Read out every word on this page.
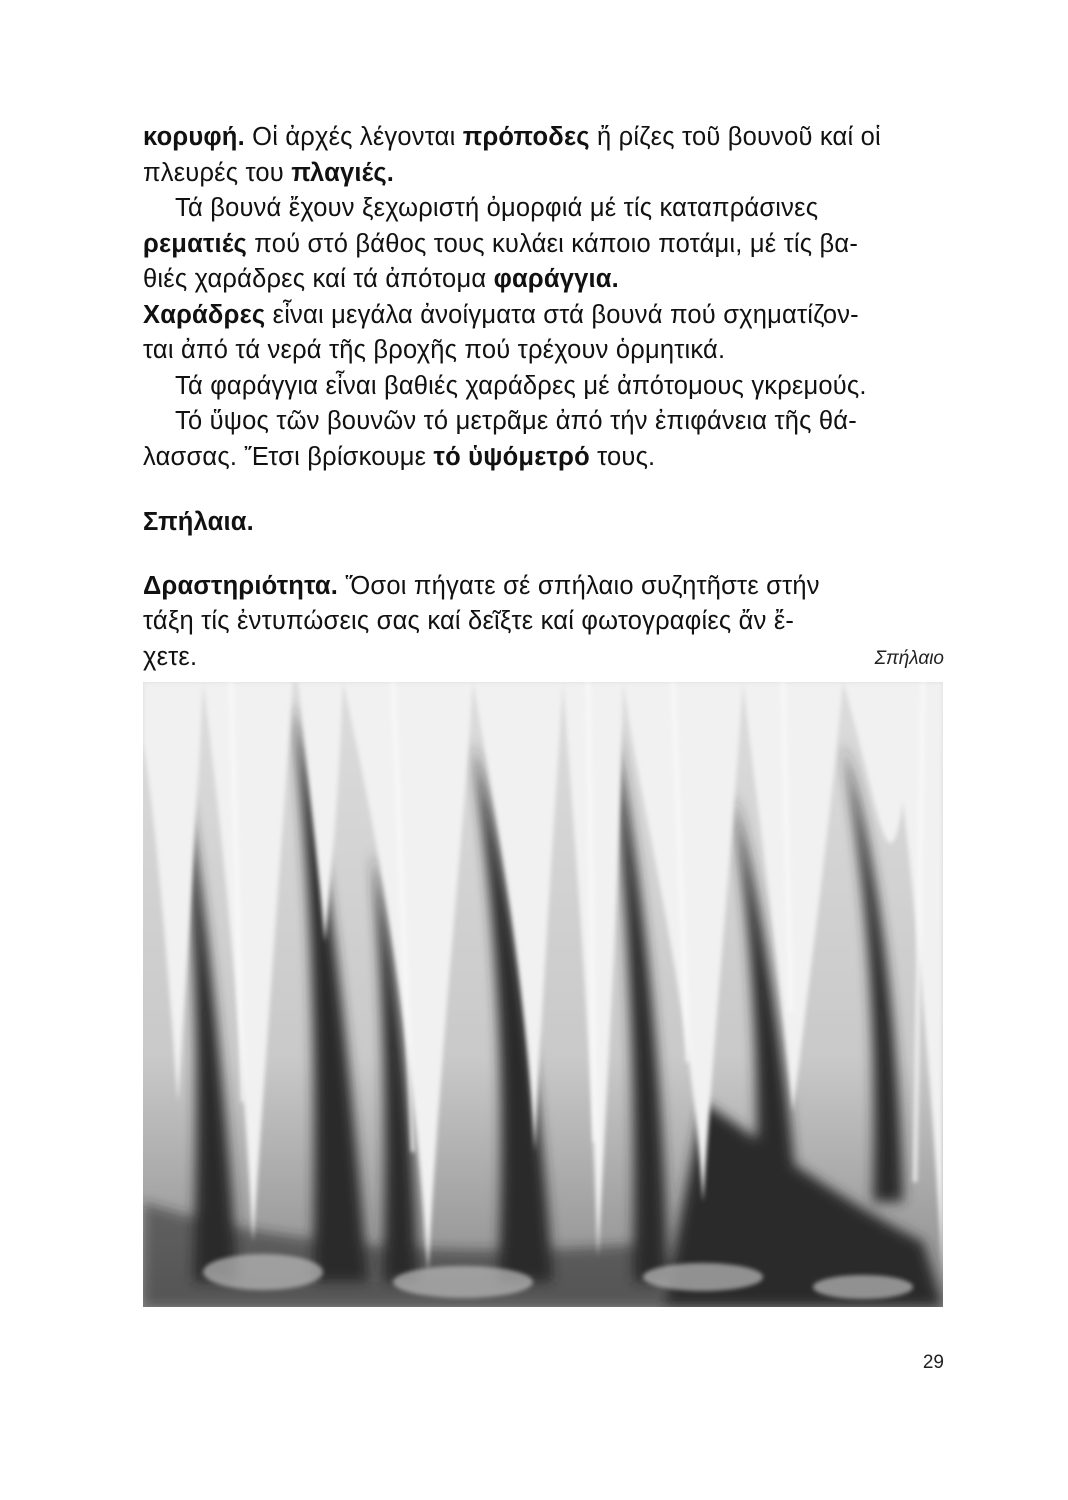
κορυφή. Οἱ ἀρχές λέγονται πρόποδες ἤ ρίζες τοῦ βουνοῦ καί οἱ
πλευρές του πλαγιές.
Τά βουνά ἔχουν ξεχωριστή ὀμορφιά μέ τίς καταπράσινες
ρεματιές πού στό βάθος τους κυλάει κάποιο ποτάμι, μέ τίς βα-
θιές χαράδρες καί τά ἀπότομα φαράγγια.
Χαράδρες εἶναι μεγάλα ἀνοίγματα στά βουνά πού σχηματίζον-
ται ἀπό τά νερά τῆς βροχῆς πού τρέχουν ὁρμητικά.
Τά φαράγγια εἶναι βαθιές χαράδρες μέ ἀπότομους γκρεμούς.
Τό ὕψος τῶν βουνῶν τό μετρᾶμε ἀπό τήν ἐπιφάνεια τῆς θά-
λασσας. Ἔτσι βρίσκουμε τό ὑψόμετρό τους.
Σπήλαια.
Δραστηριότητα. Ὅσοι πήγατε σέ σπήλαιο συζητῆστε στήν
τάξη τίς ἐντυπώσεις σας καί δεῖξτε καί φωτογραφίες ἄν ἔ-
χετε.	Σπήλαιο
29
